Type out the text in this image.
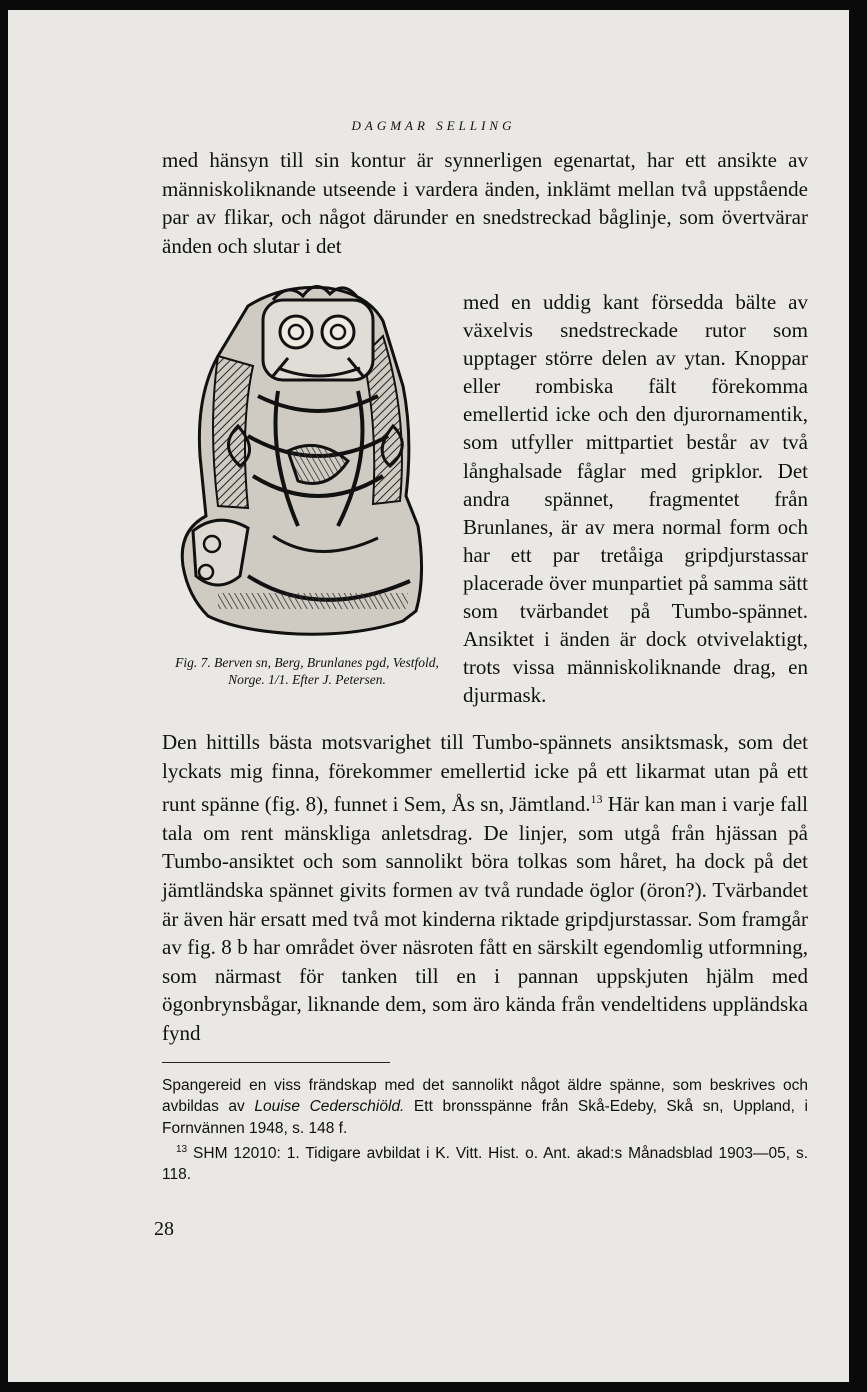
DAGMAR SELLING

med hänsyn till sin kontur är synnerligen egenartat, har ett ansikte av människoliknande utseende i vardera änden, inklämt mellan två uppstående par av flikar, och något därunder en snedstreckad båglinje, som övertvärar änden och slutar i det

Fig. 7. Berven sn, Berg, Brunlanes pgd, Vestfold, Norge. 1/1. Efter J. Petersen.

med en uddig kant försedda bälte av växelvis snedstreckade rutor som upptager större delen av ytan. Knoppar eller rombiska fält förekomma emellertid icke och den djurornamentik, som utfyller mittpartiet består av två långhalsade fåglar med gripklor. Det andra spännet, fragmentet från Brunlanes, är av mera normal form och har ett par tretåiga gripdjurstassar placerade över munpartiet på samma sätt som tvärbandet på Tumbo-spännet. Ansiktet i änden är dock otvivelaktigt, trots vissa människoliknande drag, en djurmask.

Den hittills bästa motsvarighet till Tumbo-spännets ansiktsmask, som det lyckats mig finna, förekommer emellertid icke på ett likarmat utan på ett runt spänne (fig. 8), funnet i Sem, Ås sn, Jämtland.$^{13}$ Här kan man i varje fall tala om rent mänskliga anletsdrag. De linjer, som utgå från hjässan på Tumbo-ansiktet och som sannolikt böra tolkas som håret, ha dock på det jämtländska spännet givits formen av två rundade öglor (öron?). Tvärbandet är även här ersatt med två mot kinderna riktade gripdjurstassar. Som framgår av fig. 8 b har området över näsroten fått en särskilt egendomlig utformning, som närmast för tanken till en i pannan uppskjuten hjälm med ögonbrynsbågar, liknande dem, som äro kända från vendeltidens uppländska fynd

Spangereid en viss frändskap med det sannolikt något äldre spänne, som beskrives och avbildas av Louise Cederschiöld. Ett bronsspänne från Skå-Edeby, Skå sn, Uppland, i Fornvännen 1948, s. 148 f.

$^{13}$ SHM 12010: 1. Tidigare avbildat i K. Vitt. Hist. o. Ant. akad:s Månadsblad 1903—05, s. 118.

28
